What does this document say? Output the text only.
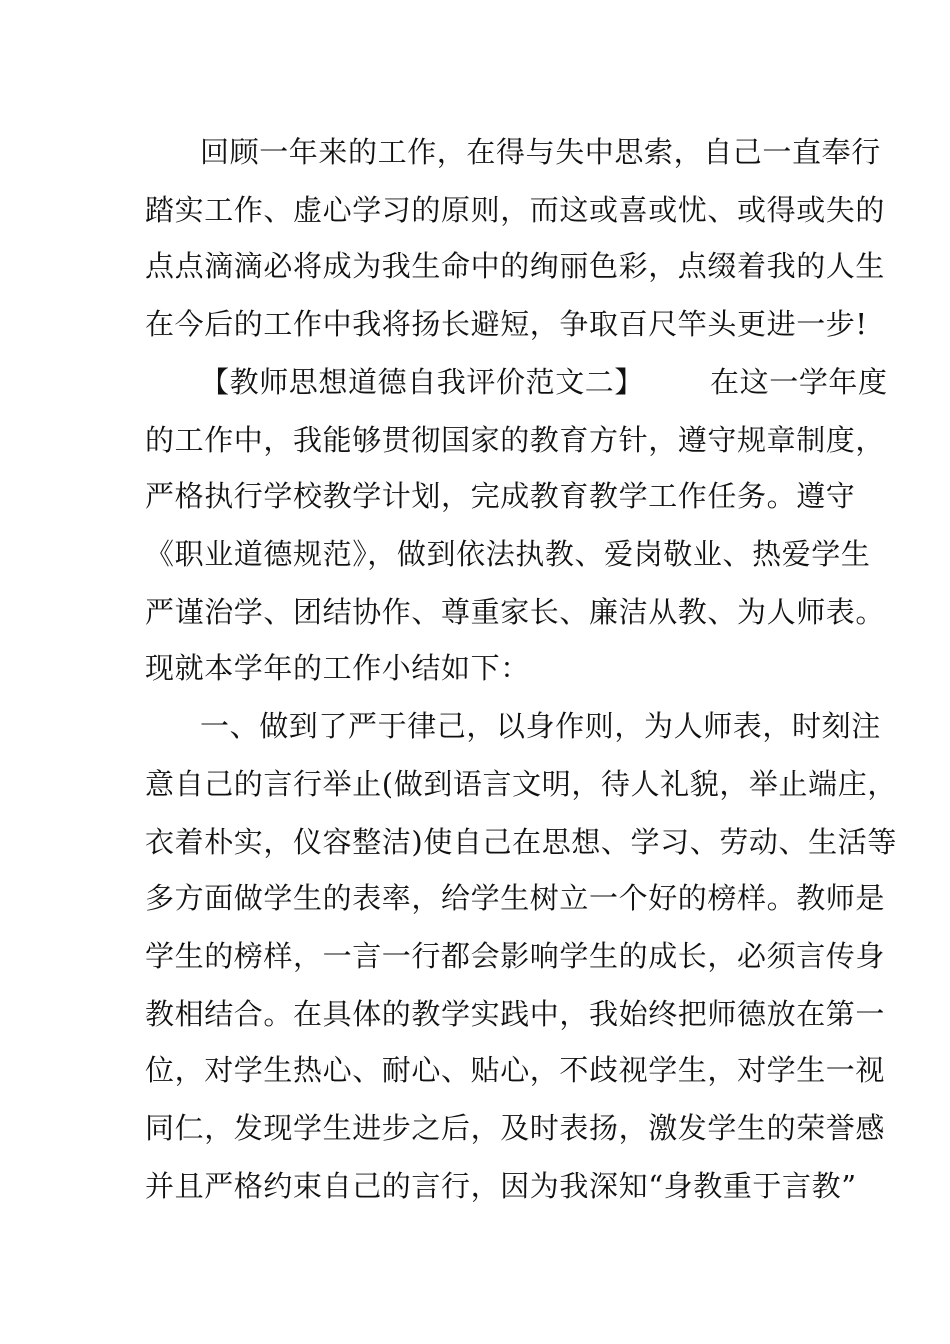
回顾一年来的工作，在得与失中思索，自己一直奉行
踏实工作、虚心学习的原则，而这或喜或忧、或得或失的
点点滴滴必将成为我生命中的绚丽色彩，点缀着我的人生
在今后的工作中我将扬长避短，争取百尺竿头更进一步!
【教师思想道德自我评价范文二】 在这一学年度
的工作中，我能够贯彻国家的教育方针，遵守规章制度，
严格执行学校教学计划，完成教育教学工作任务。遵守
《职业道德规范》，做到依法执教、爱岗敬业、热爱学生
严谨治学、团结协作、尊重家长、廉洁从教、为人师表。
现就本学年的工作小结如下：
一、做到了严于律己，以身作则，为人师表，时刻注
意自己的言行举止(做到语言文明，待人礼貌，举止端庄，
衣着朴实，仪容整洁)使自己在思想、学习、劳动、生活等
多方面做学生的表率，给学生树立一个好的榜样。教师是
学生的榜样，一言一行都会影响学生的成长，必须言传身
教相结合。在具体的教学实践中，我始终把师德放在第一
位，对学生热心、耐心、贴心，不歧视学生，对学生一视
同仁，发现学生进步之后，及时表扬，激发学生的荣誉感
并且严格约束自己的言行，因为我深知“身教重于言教”
